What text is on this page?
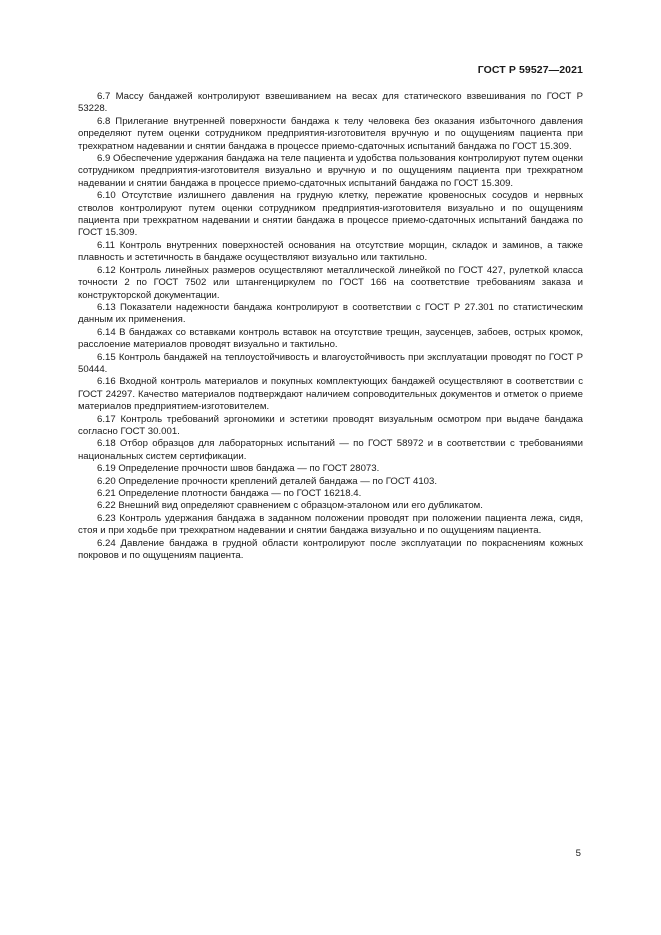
ГОСТ Р 59527—2021

6.7 Массу бандажей контролируют взвешиванием на весах для статического взвешивания по ГОСТ Р 53228.

6.8 Прилегание внутренней поверхности бандажа к телу человека без оказания избыточного давления определяют путем оценки сотрудником предприятия-изготовителя вручную и по ощущениям пациента при трехкратном надевании и снятии бандажа в процессе приемо-сдаточных испытаний бандажа по ГОСТ 15.309.

6.9 Обеспечение удержания бандажа на теле пациента и удобства пользования контролируют путем оценки сотрудником предприятия-изготовителя визуально и вручную и по ощущениям пациента при трехкратном надевании и снятии бандажа в процессе приемо-сдаточных испытаний бандажа по ГОСТ 15.309.

6.10 Отсутствие излишнего давления на грудную клетку, пережатие кровеносных сосудов и нервных стволов контролируют путем оценки сотрудником предприятия-изготовителя визуально и по ощущениям пациента при трехкратном надевании и снятии бандажа в процессе приемо-сдаточных испытаний бандажа по ГОСТ 15.309.

6.11 Контроль внутренних поверхностей основания на отсутствие морщин, складок и заминов, а также плавность и эстетичность в бандаже осуществляют визуально или тактильно.

6.12 Контроль линейных размеров осуществляют металлической линейкой по ГОСТ 427, рулеткой класса точности 2 по ГОСТ 7502 или штангенциркулем по ГОСТ 166 на соответствие требованиям заказа и конструкторской документации.

6.13 Показатели надежности бандажа контролируют в соответствии с ГОСТ Р 27.301 по статистическим данным их применения.

6.14 В бандажах со вставками контроль вставок на отсутствие трещин, заусенцев, забоев, острых кромок, расслоение материалов проводят визуально и тактильно.

6.15 Контроль бандажей на теплоустойчивость и влагоустойчивость при эксплуатации проводят по ГОСТ Р 50444.

6.16 Входной контроль материалов и покупных комплектующих бандажей осуществляют в соответствии с ГОСТ 24297. Качество материалов подтверждают наличием сопроводительных документов и отметок о приеме материалов предприятием-изготовителем.

6.17 Контроль требований эргономики и эстетики проводят визуальным осмотром при выдаче бандажа согласно ГОСТ 30.001.

6.18 Отбор образцов для лабораторных испытаний — по ГОСТ 58972 и в соответствии с требованиями национальных систем сертификации.

6.19 Определение прочности швов бандажа — по ГОСТ 28073.

6.20 Определение прочности креплений деталей бандажа — по ГОСТ 4103.

6.21 Определение плотности бандажа — по ГОСТ 16218.4.

6.22 Внешний вид определяют сравнением с образцом-эталоном или его дубликатом.

6.23 Контроль удержания бандажа в заданном положении проводят при положении пациента лежа, сидя, стоя и при ходьбе при трехкратном надевании и снятии бандажа визуально и по ощущениям пациента.

6.24 Давление бандажа в грудной области контролируют после эксплуатации по покраснениям кожных покровов и по ощущениям пациента.

5
